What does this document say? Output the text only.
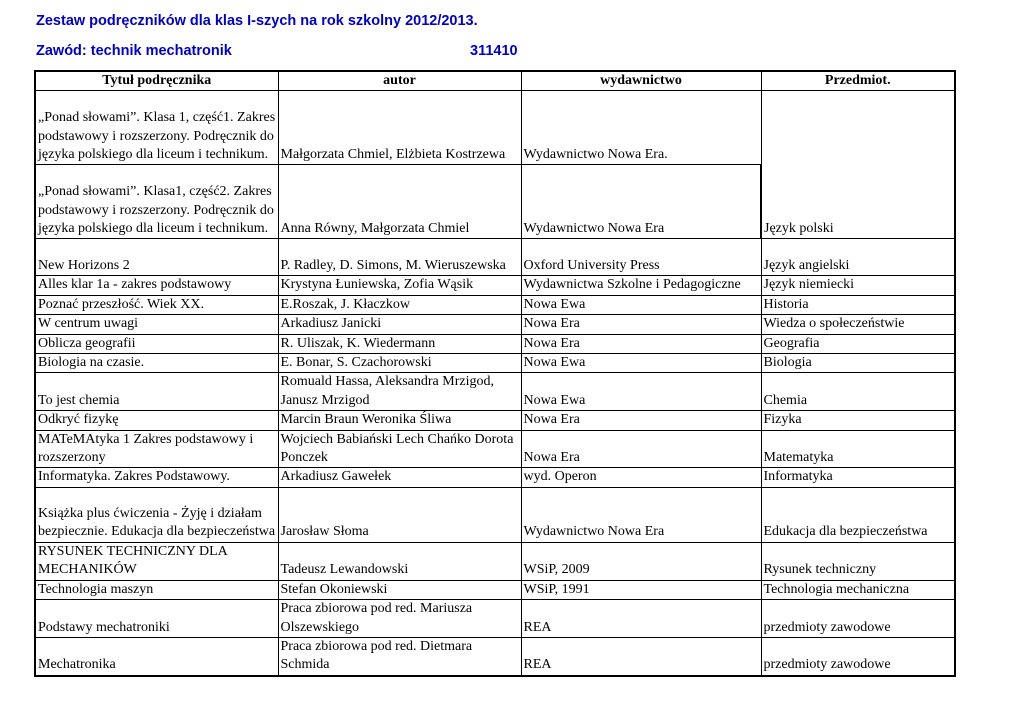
Zestaw podręczników dla klas I-szych na rok szkolny 2012/2013.
Zawód: technik mechatronik	311410
Tytuł podręcznika	autor	wydawnictwo	Przedmiot.
„Ponad słowami”. Klasa 1, część1. Zakres podstawowy i rozszerzony. Podręcznik do języka polskiego dla liceum i technikum.	Małgorzata Chmiel, Elżbieta Kostrzewa	Wydawnictwo Nowa Era.	Język polski
„Ponad słowami”. Klasa1, część2. Zakres podstawowy i rozszerzony. Podręcznik do języka polskiego dla liceum i technikum.	Anna Równy, Małgorzata Chmiel	Wydawnictwo Nowa Era	
New Horizons 2	P. Radley, D. Simons, M. Wieruszewska	Oxford University Press	Język angielski
Alles klar 1a - zakres podstawowy	Krystyna Łuniewska, Zofia Wąsik	Wydawnictwa Szkolne i Pedagogiczne	Język niemiecki
Poznać przeszłość. Wiek XX.	E.Roszak, J. Kłaczkow	Nowa Ewa	Historia
W centrum uwagi	Arkadiusz Janicki	Nowa Era	Wiedza o społeczeństwie
Oblicza geografii	R. Uliszak, K. Wiedermann	Nowa Era	Geografia
Biologia na czasie.	E. Bonar, S. Czachorowski	Nowa Ewa	Biologia
To jest chemia	Romuald Hassa, Aleksandra Mrzigod, Janusz Mrzigod	Nowa Ewa	Chemia
Odkryć fizykę	Marcin Braun Weronika Śliwa	Nowa Era	Fizyka
MATeMAtyka 1 Zakres podstawowy i rozszerzony	Wojciech Babiański Lech Chańko Dorota Ponczek	Nowa Era	Matematyka
Informatyka. Zakres Podstawowy.	Arkadiusz Gawełek	wyd. Operon	Informatyka
Książka plus ćwiczenia - Żyję i działam bezpiecznie. Edukacja dla bezpieczeństwa	Jarosław Słoma	Wydawnictwo Nowa Era	Edukacja dla bezpieczeństwa
RYSUNEK TECHNICZNY DLA MECHANIKÓW	Tadeusz Lewandowski	WSiP, 2009	Rysunek techniczny
Technologia maszyn	Stefan Okoniewski	WSiP, 1991	Technologia mechaniczna
Podstawy mechatroniki	Praca zbiorowa pod red. Mariusza Olszewskiego	REA	przedmioty zawodowe
Mechatronika	Praca zbiorowa pod red. Dietmara Schmida	REA	przedmioty zawodowe
